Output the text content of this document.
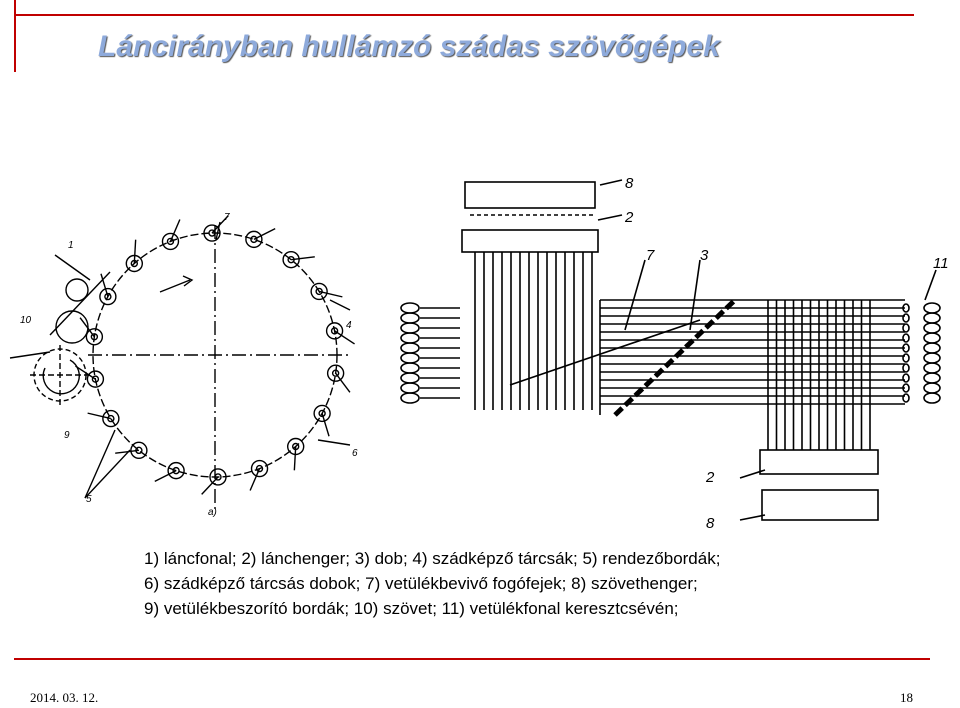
Láncirányban hullámzó szádas szövőgépek
1
10
9
5
7
4
6
a)
8
2
7	3	11
2
8
1) láncfonal; 2) lánchenger; 3) dob; 4) szádképző tárcsák; 5) rendezőbordák;
6) szádképző tárcsás dobok; 7) vetülékbevivő fogófejek; 8) szövethenger;
9) vetülékbeszorító bordák; 10) szövet; 11) vetülékfonal keresztcsévén;
2014. 03. 12.	18
